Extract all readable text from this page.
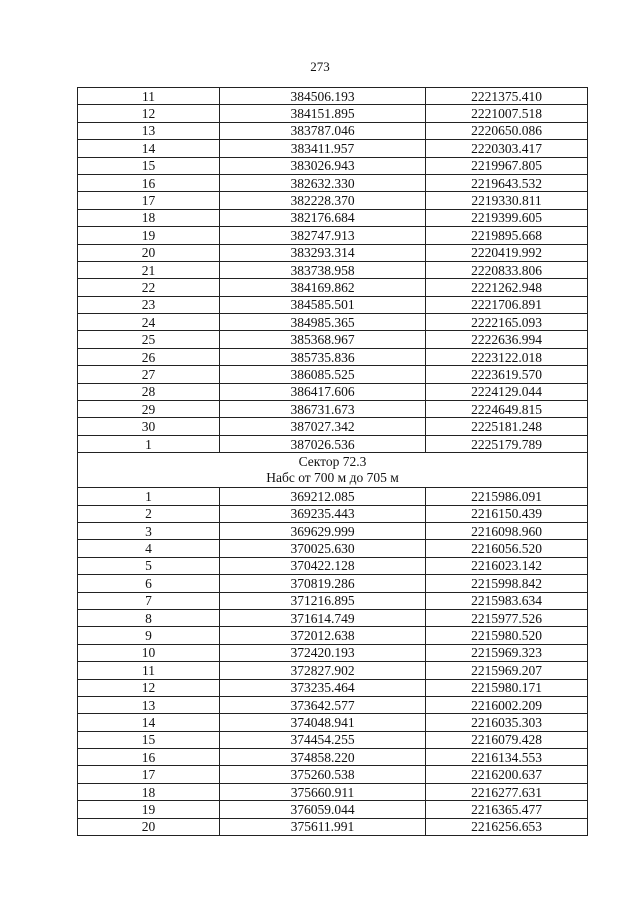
273
11	384506.193	2221375.410
12	384151.895	2221007.518
13	383787.046	2220650.086
14	383411.957	2220303.417
15	383026.943	2219967.805
16	382632.330	2219643.532
17	382228.370	2219330.811
18	382176.684	2219399.605
19	382747.913	2219895.668
20	383293.314	2220419.992
21	383738.958	2220833.806
22	384169.862	2221262.948
23	384585.501	2221706.891
24	384985.365	2222165.093
25	385368.967	2222636.994
26	385735.836	2223122.018
27	386085.525	2223619.570
28	386417.606	2224129.044
29	386731.673	2224649.815
30	387027.342	2225181.248
1	387026.536	2225179.789

Сектор 72.3
Набс от 700 м до 705 м		

1	369212.085	2215986.091
2	369235.443	2216150.439
3	369629.999	2216098.960
4	370025.630	2216056.520
5	370422.128	2216023.142
6	370819.286	2215998.842
7	371216.895	2215983.634
8	371614.749	2215977.526
9	372012.638	2215980.520
10	372420.193	2215969.323
11	372827.902	2215969.207
12	373235.464	2215980.171
13	373642.577	2216002.209
14	374048.941	2216035.303
15	374454.255	2216079.428
16	374858.220	2216134.553
17	375260.538	2216200.637
18	375660.911	2216277.631
19	376059.044	2216365.477
20	375611.991	2216256.653
